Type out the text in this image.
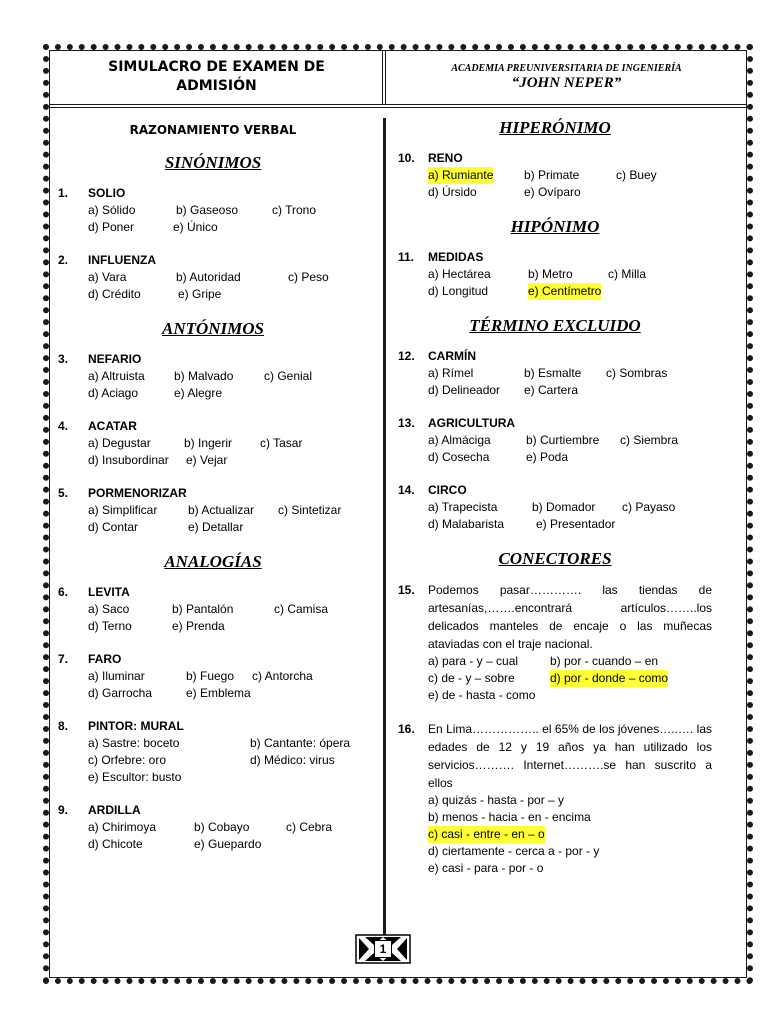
SIMULACRO DE EXAMEN DE
ADMISIÓN
ACADEMIA PREUNIVERSITARIA DE INGENIERÍA
“JOHN NEPER”
RAZONAMIENTO VERBAL
SINÓNIMOS
1.	SOLIO
a) Sólido	b) Gaseoso	c) Trono
d) Poner	e) Único
2.	INFLUENZA
a) Vara	b) Autoridad	c) Peso
d) Crédito	e) Gripe
ANTÓNIMOS
3.	NEFARIO
a) Altruista b) Malvado	c) Genial
d) Aciago	e) Alegre
4.	ACATAR
a) Degustar	b) Ingerir c) Tasar
d) Insubordinar e) Vejar
5.	PORMENORIZAR
a) Simplificar	b) Actualizar c) Sintetizar
d) Contar	e) Detallar
ANALOGÍAS
6.	LEVITA
a) Saco	b) Pantalón	c) Camisa
d) Terno	e) Prenda
7.	FARO
a) Iluminar	b) Fuego c) Antorcha
d) Garrocha	e) Emblema
8.	PINTOR: MURAL
a) Sastre: boceto	b) Cantante: ópera
c) Orfebre: oro	d) Médico: virus
e) Escultor: busto
9.	ARDILLA
a) Chirimoya	b) Cobayo	c) Cebra
d) Chicote	e) Guepardo
HIPERÓNIMO
10.	RENO
a) Rumiante	b) Primate	c) Buey
d) Úrsido	e) Ovíparo
HIPÓNIMO
11.	MEDIDAS
a) Hectárea	b) Metro	c) Milla
d) Longitud	e) Centímetro
TÉRMINO EXCLUIDO
12.	CARMÍN
a) Rímel	b) Esmalte c) Sombras
d) Delineador e) Cartera
13.	AGRICULTURA
a) Almáciga	b) Curtiembre c) Siembra
d) Cosecha	e) Poda
14.	CIRCO
a) Trapecista	b) Domador c) Payaso
d) Malabarista	e) Presentador
CONECTORES
15.	Podemos pasar…………. las tiendas de artesanías,…….encontrará artículos……..los delicados manteles de encaje o las muñecas ataviadas con el traje nacional.
a) para - y – cual	b) por - cuando – en
c) de - y – sobre	d) por - donde – como
e) de - hasta - como
16.	En Lima…………….. el 65% de los jóvenes…..…. las edades de 12 y 19 años ya han utilizado los servicios………. Internet……….se han suscrito a ellos
a) quizás - hasta - por – y
b) menos - hacia - en - encima
c) casi - entre - en – o
d) ciertamente - cerca a - por - y
e) casi - para - por - o
1
